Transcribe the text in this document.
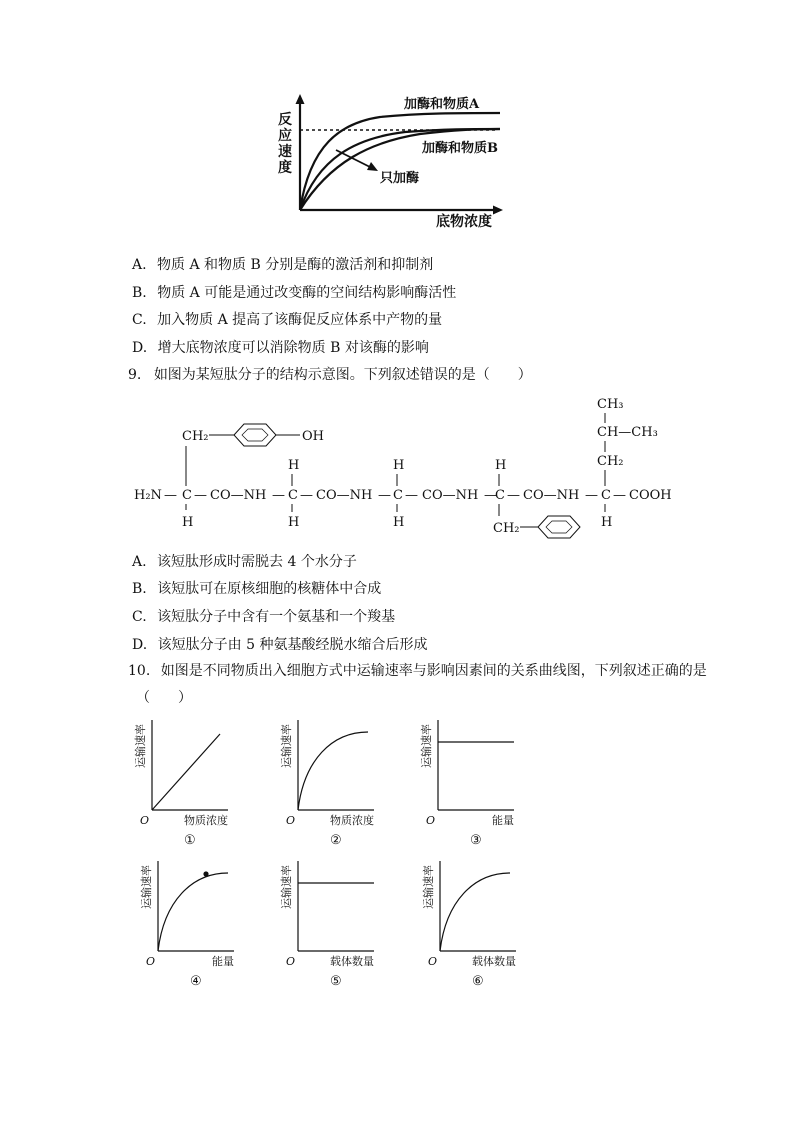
反
应
速
度
加酶和物质A
加酶和物质B
只加酶
底物浓度
A. 物质 A 和物质 B 分别是酶的激活剂和抑制剂
B. 物质 A 可能是通过改变酶的空间结构影响酶活性
C. 加入物质 A 提高了该酶促反应体系中产物的量
D. 增大底物浓度可以消除物质 B 对该酶的影响
9. 如图为某短肽分子的结构示意图。下列叙述错误的是（　　）
H₂N — C — CO—NH — C — CO—NH — C — CO—NH —
C — CO—NH — C — COOH
CH₂
H
OH
H
H
H
H
H
CH₂
CH₃
CH—CH₃
CH₂
H
A. 该短肽形成时需脱去 4 个水分子
B. 该短肽可在原核细胞的核糖体中合成
C. 该短肽分子中含有一个氨基和一个羧基
D. 该短肽分子由 5 种氨基酸经脱水缩合后形成
10. 如图是不同物质出入细胞方式中运输速率与影响因素间的关系曲线图，下列叙述正确的是
（　　）
运输速率
O	物质浓度
①
运输速率
O	物质浓度
②
运输速率
O	能量
③
运输速率
O	能量
④
运输速率
O	载体数量
⑤
运输速率
O	载体数量
⑥
